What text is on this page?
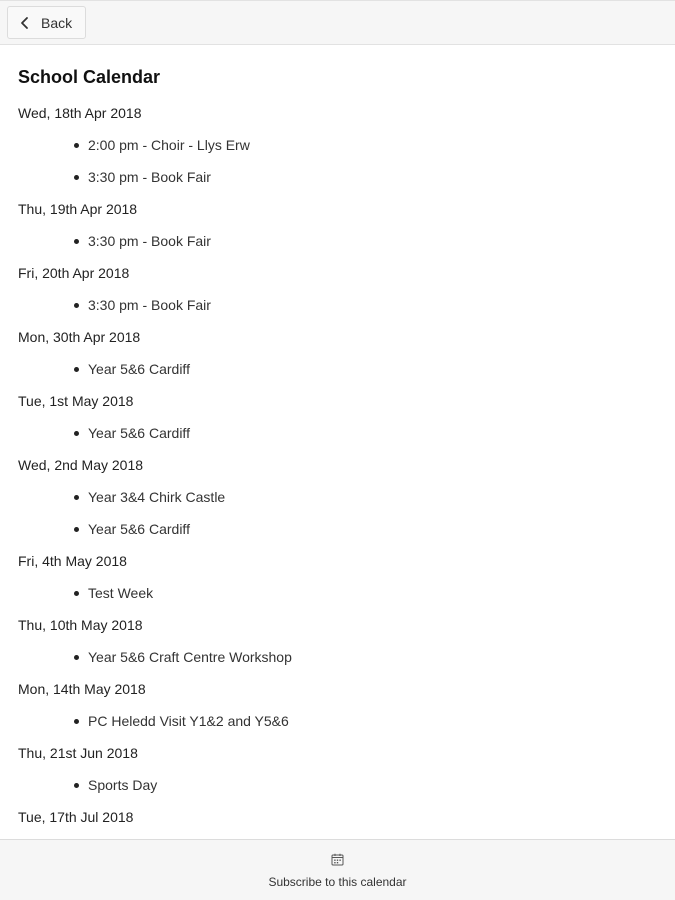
Back
School Calendar
Wed, 18th Apr 2018
2:00 pm - Choir - Llys Erw
3:30 pm - Book Fair
Thu, 19th Apr 2018
3:30 pm - Book Fair
Fri, 20th Apr 2018
3:30 pm - Book Fair
Mon, 30th Apr 2018
Year 5&6 Cardiff
Tue, 1st May 2018
Year 5&6 Cardiff
Wed, 2nd May 2018
Year 3&4 Chirk Castle
Year 5&6 Cardiff
Fri, 4th May 2018
Test Week
Thu, 10th May 2018
Year 5&6 Craft Centre Workshop
Mon, 14th May 2018
PC Heledd Visit Y1&2 and Y5&6
Thu, 21st Jun 2018
Sports Day
Tue, 17th Jul 2018
Subscribe to this calendar
